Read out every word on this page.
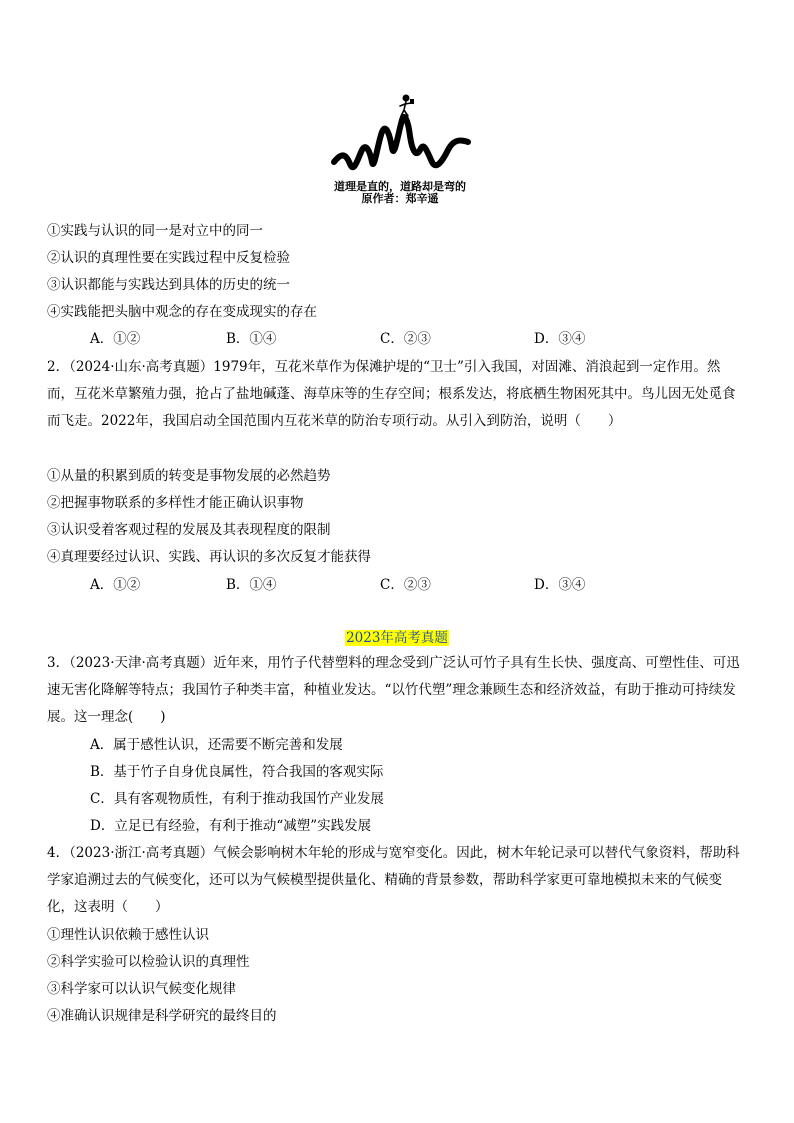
道理是直的，道路却是弯的
原作者：郑辛遥
①实践与认识的同一是对立中的同一
②认识的真理性要在实践过程中反复检验
③认识都能与实践达到具体的历史的统一
④实践能把头脑中观念的存在变成现实的存在
A．①②	B．①④	C．②③	D．③④
2．（2024·山东·高考真题）1979年，互花米草作为保滩护堤的“卫士”引入我国，对固滩、消浪起到一定作用。然而，互花米草繁殖力强，抢占了盐地碱蓬、海草床等的生存空间；根系发达，将底栖生物困死其中。鸟儿因无处觅食而飞走。2022年，我国启动全国范围内互花米草的防治专项行动。从引入到防治，说明（　　）
①从量的积累到质的转变是事物发展的必然趋势
②把握事物联系的多样性才能正确认识事物
③认识受着客观过程的发展及其表现程度的限制
④真理要经过认识、实践、再认识的多次反复才能获得
A．①②	B．①④	C．②③	D．③④
2023年高考真题
3．（2023·天津·高考真题）近年来，用竹子代替塑料的理念受到广泛认可竹子具有生长快、强度高、可塑性佳、可迅速无害化降解等特点；我国竹子种类丰富，种植业发达。“以竹代塑”理念兼顾生态和经济效益，有助于推动可持续发展。这一理念(　　)
A．属于感性认识，还需要不断完善和发展
B．基于竹子自身优良属性，符合我国的客观实际
C．具有客观物质性，有利于推动我国竹产业发展
D．立足已有经验，有利于推动“减塑”实践发展
4．（2023·浙江·高考真题）气候会影响树木年轮的形成与宽窄变化。因此，树木年轮记录可以替代气象资料，帮助科学家追溯过去的气候变化，还可以为气候模型提供量化、精确的背景参数，帮助科学家更可靠地模拟未来的气候变化，这表明（　　）
①理性认识依赖于感性认识
②科学实验可以检验认识的真理性
③科学家可以认识气候变化规律
④准确认识规律是科学研究的最终目的
